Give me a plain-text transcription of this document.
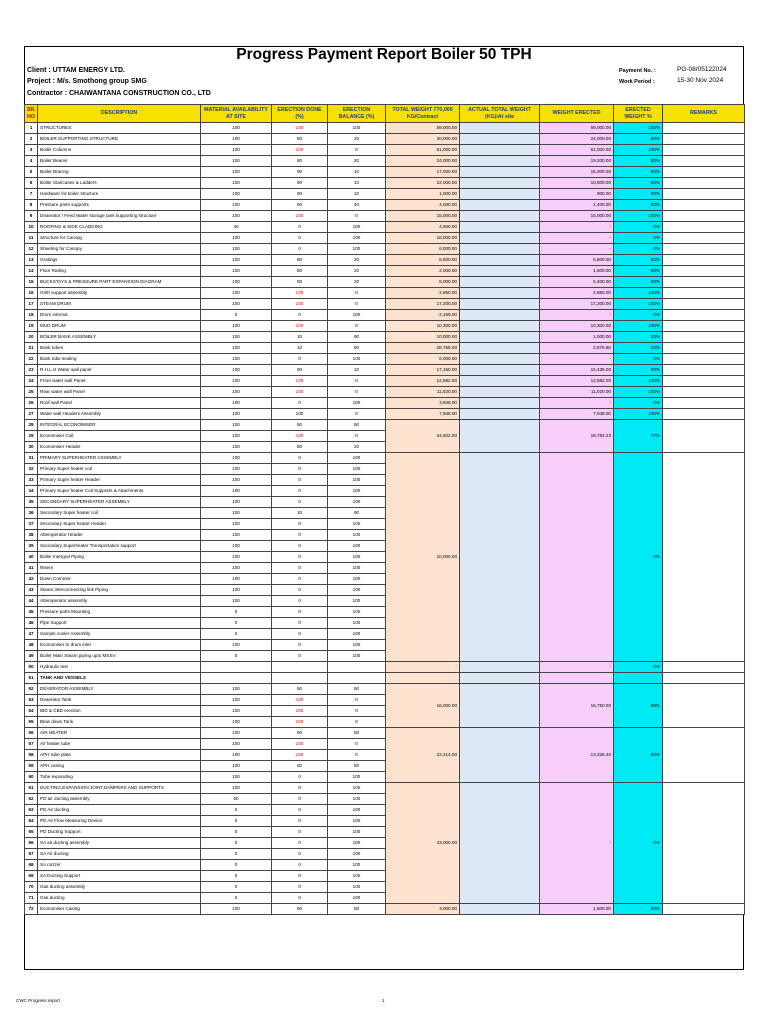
Progress Payment Report Boiler 50 TPH
Client : UTTAM ENERGY LTD.
Project : M/s. Smothong group SMG
Contractor : CHAIWANTANA CONSTRUCTION CO., LTD
Payment No. :	PG-08/05122024
Work Period :	15-30 Nov 2024
SR. NO	DESCRIPTION	MATERIAL AVAILABILITY AT SITE	ERECTION DONE (%)	ERECTION BALANCE (%)	TOTAL WEIGHT 770,000 KG/Contract	ACTUAL TOTAL WEIGHT (KG)/At site	WEIGHT ERECTED	ERECTED WEIGHT %	REMARKS
1	STRUCTURES	100	100	100	59,000.00		59,000.00	100%	
2	BOILER SUPPORTING STRUCTURE	100	80	20	30,000.00		24,000.00	80%	
3	Boiler Columns	100	100	0	61,000.00		61,000.00	100%	
4	Boiler Beams	100	80	20	24,000.00		19,200.00	80%	
5	Boiler Bracing	100	90	10	17,000.00		15,300.00	90%	
6	Boiler Staircases & Ladders	100	90	10	12,000.00		10,800.00	90%	
7	Hardware for boiler structure	100	90	10	1,000.00		900.00	90%	
8	Pressure parts supports	100	60	40	4,000.00		2,400.00	60%	
9	Deaerator / Feed Water storage tank supporting structure	100	100	0	15,000.00		15,000.00	100%	
10	ROOFING & SIDE CLADDING	40	0	100	4,500.00		-	0%	
11	Structure for Canopy	100	0	100	18,000.00		-	0%	
12	Sheeting for Canopy	100	0	100	6,000.00		-	0%	
13	Gratings	100	80	20	8,500.00		6,800.00	80%	
14	Floor Railing	100	80	20	2,000.00		1,600.00	80%	
15	BUCKSTAYS & PRESSURE PART EXPANSION DIAGRAM	100	80	20	8,000.00		6,400.00	80%	
16	Grith support assembly	100	100	0	2,850.00		2,850.00	100%	
17	STEAM DRUM	100	100	0	17,200.00		17,200.00	100%	
18	Drum internal	0	0	100	2,159.00		-	0%	
19	MUD DRUM	100	100	0	10,300.00		10,300.00	100%	
20	BOILER BANK ASSEMBLY	100	10	90	10,000.00		1,000.00	10%	
21	Bank tubes	100	10	90	28,758.00		2,875.80	10%	
22	Bank tube sealing	100	0	100	6,000.00		-	0%	
23	R.H.L.H Water wall panel	100	90	10	17,150.00		15,435.00	90%	
24	Front water wall Panel	100	100	0	12,582.00		12,582.00	100%	
25	Rear water wall Panel	100	100	0	11,020.00		11,020.00	100%	
26	Roof wall Panel	100	0	100	3,948.00		-	0%	
27	Water wall Headers Assembly	100	100	0	7,948.00		7,948.00	100%	
28	INTEGRAL ECONOMISER	100	50	50	24,502.00		18,783.23	77%	
29	Economiser Coil	100	100	0					
30	Economiser Header	100	80	20					
31	PRIMARY SUPERHEATER ASSEMBLY	100	0	100	10,000.00			0%	
32	Primary Super heater coil	100	0	100					
33	Primary Super heater Header	100	0	100					
34	Primary Super heater Coil Supports & Attachments	100	0	100					
35	SECONDARY SUPERHEATER ASSEMBLY	100	0	100					
36	Secondary Super heater coil	100	10	90					
37	Secondary Super heater Header	100	0	100					
38	Attemperator Header	100	0	100					
39	Secondary Superheater Transportation support	100	0	100					
40	Boiler Intergral Piping	100	0	100					
41	Risers	100	0	100					
42	Down Commer	100	0	100					
43	Steam interconnecting link Piping	100	0	100					
44	Attemperator assembly	100	0	100					
45	Pressure parts Mounting	0	0	100					
46	Pipe Support	0	0	100					
47	Sample cooler Assembly	0	0	100					
48	Economiser to drum inlet	100	0	100					
49	Boiler Main Steam piping upto MSSV	0	0	100					
50	Hydraulic test				-		-	0%	
51	TANK AND VESSELS								
52	DEAERATOR ASSEMBLY	100	50	50	18,000.00		15,750.00	88%	
53	Deaerator Tank	100	100	0					
54	IBD & CBD erection	100	100	0					
55	Blow down Tank	100	100	0					
56	AIR HEATER	100	50	50	22,214.00		13,328.40	60%	
57	Air heater tube	100	100	0					
58	APH tube plate	100	100	0					
59	APH casing	100	50	50					
60	Tube expanding	100	0	100					
61	DUCTING,EXPANSION JOINT,DAMPERS AND SUPPORTS	100	0	100	43,000.00		-	0%	
62	PD air ducting assembly	50	0	100					
63	PD Air ducting	0	0	100					
64	PD Air Flow Measuring Device	0	0	100					
65	PD Ducting Support	0	0	100					
66	SA air ducting assembly	0	0	100					
67	SA Air ducting	0	0	100					
68	SA nozzel	0	0	100					
69	SA Ducting Support	0	0	100					
70	Gas ducting assembly	0	0	100					
71	Gas ducting	0	0	100					
72	Economiser Casing	100	50	50	3,000.00		1,500.00	50%	
CWC Progress report	1
